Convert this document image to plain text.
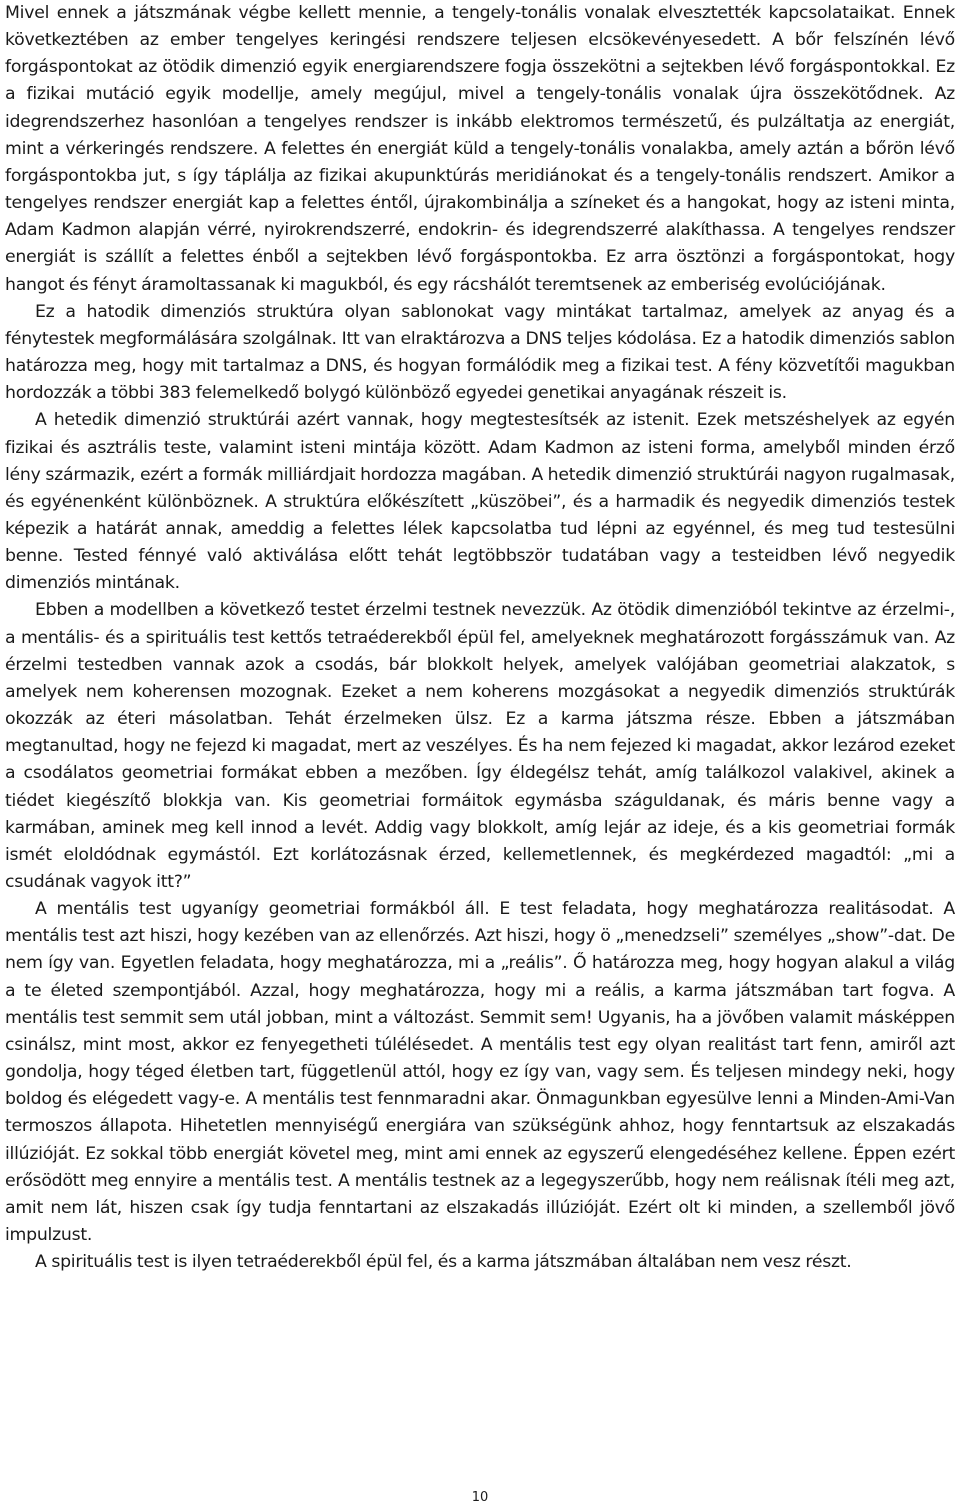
Mivel ennek a játszmának végbe kellett mennie, a tengely-tonális vonalak elvesztették kapcsolataikat. Ennek következtében az ember tengelyes keringési rendszere teljesen elcsökevényesedett. A bőr felszínén lévő forgáspontokat az ötödik dimenzió egyik energiarendszere fogja összekötni a sejtekben lévő forgáspontokkal. Ez a fizikai mutáció egyik modellje, amely megújul, mivel a tengely-tonális vonalak újra összekötődnek. Az idegrendszerhez hasonlóan a tengelyes rendszer is inkább elektromos természetű, és pulzáltatja az energiát, mint a vérkeringés rendszere. A felettes én energiát küld a tengely-tonális vonalakba, amely aztán a bőrön lévő forgáspontokba jut, s így táplálja az fizikai akupunktúrás meridiánokat és a tengely-tonális rendszert. Amikor a tengelyes rendszer energiát kap a felettes éntől, újrakombinálja a színeket és a hangokat, hogy az isteni minta, Adam Kadmon alapján vérré, nyirokrendszerré, endokrin- és idegrendszerré alakíthassa. A tengelyes rendszer energiát is szállít a felettes énből a sejtekben lévő forgáspontokba. Ez arra ösztönzi a forgáspontokat, hogy hangot és fényt áramoltassanak ki magukból, és egy rácshálót teremtsenek az emberiség evolúciójának.

Ez a hatodik dimenziós struktúra olyan sablonokat vagy mintákat tartalmaz, amelyek az anyag és a fénytestek megformálására szolgálnak. Itt van elraktározva a DNS teljes kódolása. Ez a hatodik dimenziós sablon határozza meg, hogy mit tartalmaz a DNS, és hogyan formálódik meg a fizikai test. A fény közvetítői magukban hordozzák a többi 383 felemelkedő bolygó különböző egyedei genetikai anyagának részeit is.

A hetedik dimenzió struktúrái azért vannak, hogy megtestesítsék az istenit. Ezek metszéshelyek az egyén fizikai és asztrális teste, valamint isteni mintája között. Adam Kadmon az isteni forma, amelyből minden érző lény származik, ezért a formák milliárdjait hordozza magában. A hetedik dimenzió struktúrái nagyon rugalmasak, és egyénenként különböznek. A struktúra előkészített „küszöbei”, és a harmadik és negyedik dimenziós testek képezik a határát annak, ameddig a felettes lélek kapcsolatba tud lépni az egyénnel, és meg tud testesülni benne. Tested fénnyé való aktiválása előtt tehát legtöbbször tudatában vagy a testeidben lévő negyedik dimenziós mintának.

Ebben a modellben a következő testet érzelmi testnek nevezzük. Az ötödik dimenzióból tekintve az érzelmi-, a mentális- és a spirituális test kettős tetraéderekből épül fel, amelyeknek meghatározott forgásszámuk van. Az érzelmi testedben vannak azok a csodás, bár blokkolt helyek, amelyek valójában geometriai alakzatok, s amelyek nem koherensen mozognak. Ezeket a nem koherens mozgásokat a negyedik dimenziós struktúrák okozzák az éteri másolatban. Tehát érzelmeken ülsz. Ez a karma játszma része. Ebben a játszmában megtanultad, hogy ne fejezd ki magadat, mert az veszélyes. És ha nem fejezed ki magadat, akkor lezárod ezeket a csodálatos geometriai formákat ebben a mezőben. Így éldegélsz tehát, amíg találkozol valakivel, akinek a tiédet kiegészítő blokkja van. Kis geometriai formáitok egymásba száguldanak, és máris benne vagy a karmában, aminek meg kell innod a levét. Addig vagy blokkolt, amíg lejár az ideje, és a kis geometriai formák ismét eloldódnak egymástól. Ezt korlátozásnak érzed, kellemetlennek, és megkérdezed magadtól: „mi a csudának vagyok itt?”

A mentális test ugyanígy geometriai formákból áll. E test feladata, hogy meghatározza realitásodat. A mentális test azt hiszi, hogy kezében van az ellenőrzés. Azt hiszi, hogy ö „menedzseli” személyes „show”-dat. De nem így van. Egyetlen feladata, hogy meghatározza, mi a „reális”. Ő határozza meg, hogy hogyan alakul a világ a te életed szempontjából. Azzal, hogy meghatározza, hogy mi a reális, a karma játszmában tart fogva. A mentális test semmit sem utál jobban, mint a változást. Semmit sem! Ugyanis, ha a jövőben valamit másképpen csinálsz, mint most, akkor ez fenyegetheti túlélésedet. A mentális test egy olyan realitást tart fenn, amiről azt gondolja, hogy téged életben tart, függetlenül attól, hogy ez így van, vagy sem. És teljesen mindegy neki, hogy boldog és elégedett vagy-e. A mentális test fennmaradni akar. Önmagunkban egyesülve lenni a Minden-Ami-Van termoszos állapota. Hihetetlen mennyiségű energiára van szükségünk ahhoz, hogy fenntartsuk az elszakadás illúzióját. Ez sokkal több energiát követel meg, mint ami ennek az egyszerű elengedéséhez kellene. Éppen ezért erősödött meg ennyire a mentális test. A mentális testnek az a legegyszerűbb, hogy nem reálisnak ítéli meg azt, amit nem lát, hiszen csak így tudja fenntartani az elszakadás illúzióját. Ezért olt ki minden, a szellemből jövő impulzust.

A spirituális test is ilyen tetraéderekből épül fel, és a karma játszmában általában nem vesz részt.

10
